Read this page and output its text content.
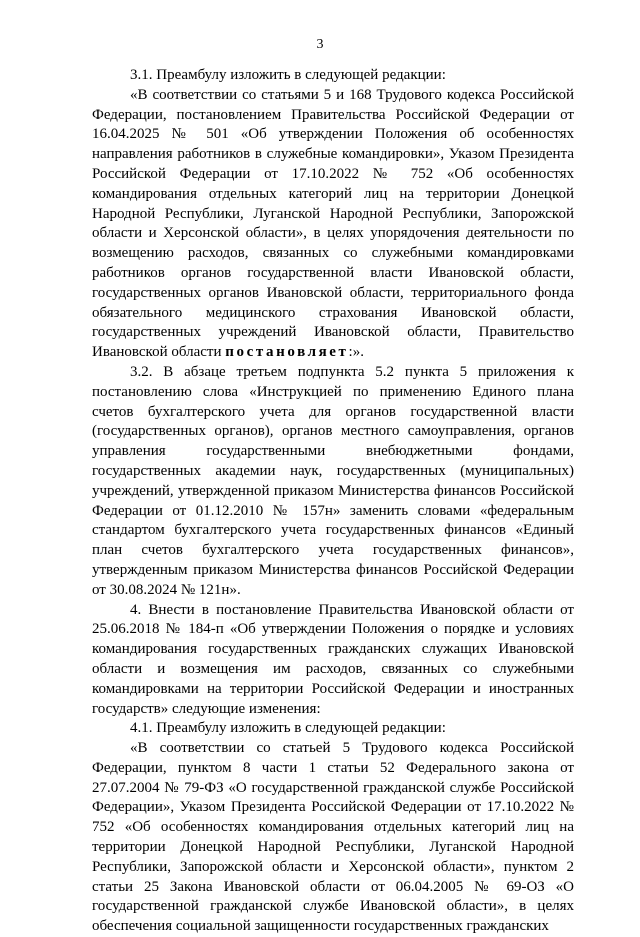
3

3.1. Преамбулу изложить в следующей редакции:

«В соответствии со статьями 5 и 168 Трудового кодекса Российской Федерации, постановлением Правительства Российской Федерации от 16.04.2025 № 501 «Об утверждении Положения об особенностях направления работников в служебные командировки», Указом Президента Российской Федерации от 17.10.2022 № 752 «Об особенностях командирования отдельных категорий лиц на территории Донецкой Народной Республики, Луганской Народной Республики, Запорожской области и Херсонской области», в целях упорядочения деятельности по возмещению расходов, связанных со служебными командировками работников органов государственной власти Ивановской области, государственных органов Ивановской области, территориального фонда обязательного медицинского страхования Ивановской области, государственных учреждений Ивановской области, Правительство Ивановской области постановляет:».

3.2. В абзаце третьем подпункта 5.2 пункта 5 приложения к постановлению слова «Инструкцией по применению Единого плана счетов бухгалтерского учета для органов государственной власти (государственных органов), органов местного самоуправления, органов управления государственными внебюджетными фондами, государственных академии наук, государственных (муниципальных) учреждений, утвержденной приказом Министерства финансов Российской Федерации от 01.12.2010 № 157н» заменить словами «федеральным стандартом бухгалтерского учета государственных финансов «Единый план счетов бухгалтерского учета государственных финансов», утвержденным приказом Министерства финансов Российской Федерации от 30.08.2024 № 121н».

4. Внести в постановление Правительства Ивановской области от 25.06.2018 № 184-п «Об утверждении Положения о порядке и условиях командирования государственных гражданских служащих Ивановской области и возмещения им расходов, связанных со служебными командировками на территории Российской Федерации и иностранных государств» следующие изменения:

4.1. Преамбулу изложить в следующей редакции:

«В соответствии со статьей 5 Трудового кодекса Российской Федерации, пунктом 8 части 1 статьи 52 Федерального закона от 27.07.2004 № 79-ФЗ «О государственной гражданской службе Российской Федерации», Указом Президента Российской Федерации от 17.10.2022 № 752 «Об особенностях командирования отдельных категорий лиц на территории Донецкой Народной Республики, Луганской Народной Республики, Запорожской области и Херсонской области», пунктом 2 статьи 25 Закона Ивановской области от 06.04.2005 № 69-ОЗ «О государственной гражданской службе Ивановской области», в целях обеспечения социальной защищенности государственных гражданских
